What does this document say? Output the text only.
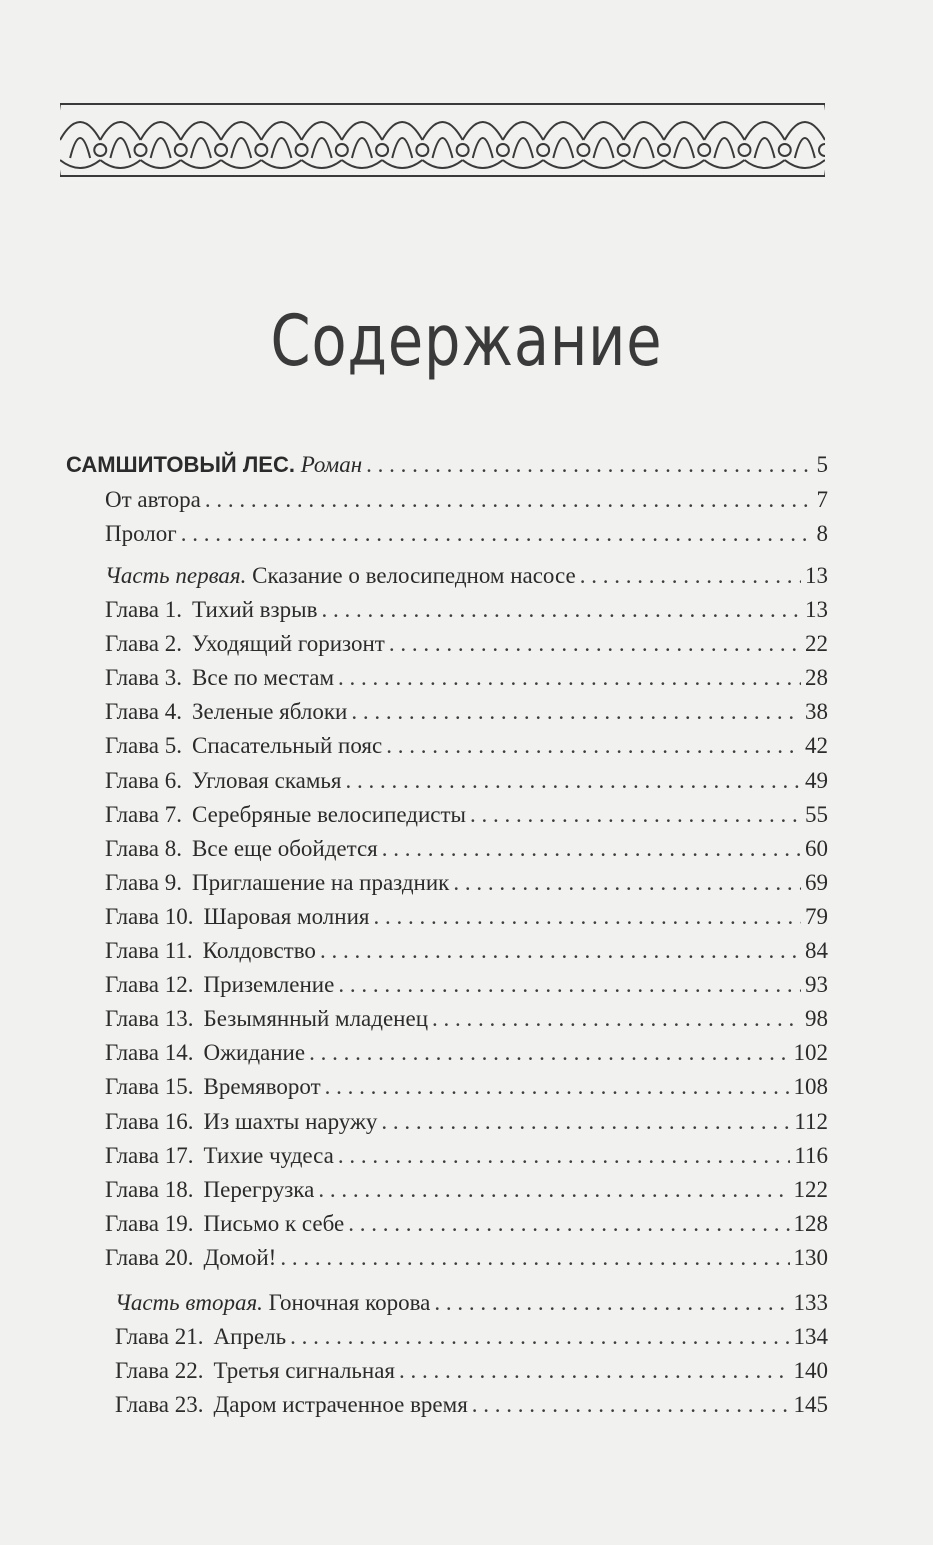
Содержание
САМШИТОВЫЙ ЛЕС. Роман . . .	5
От автора . . .	7
Пролог . . .	8
Часть первая. Сказание о велосипедном насосе . . .	13
Глава 1. Тихий взрыв . . .	13
Глава 2. Уходящий горизонт . . .	22
Глава 3. Все по местам . . .	28
Глава 4. Зеленые яблоки . . .	38
Глава 5. Спасательный пояс . . .	42
Глава 6. Угловая скамья . . .	49
Глава 7. Серебряные велосипедисты . . .	55
Глава 8. Все еще обойдется . . .	60
Глава 9. Приглашение на праздник . . .	69
Глава 10. Шаровая молния . . .	79
Глава 11. Колдовство . . .	84
Глава 12. Приземление . . .	93
Глава 13. Безымянный младенец . . .	98
Глава 14. Ожидание . . .	102
Глава 15. Времяворот . . .	108
Глава 16. Из шахты наружу . . .	112
Глава 17. Тихие чудеса . . .	116
Глава 18. Перегрузка . . .	122
Глава 19. Письмо к себе . . .	128
Глава 20. Домой! . . .	130
Часть вторая. Гоночная корова . . .	133
Глава 21. Апрель . . .	134
Глава 22. Третья сигнальная . . .	140
Глава 23. Даром истраченное время . . .	145
